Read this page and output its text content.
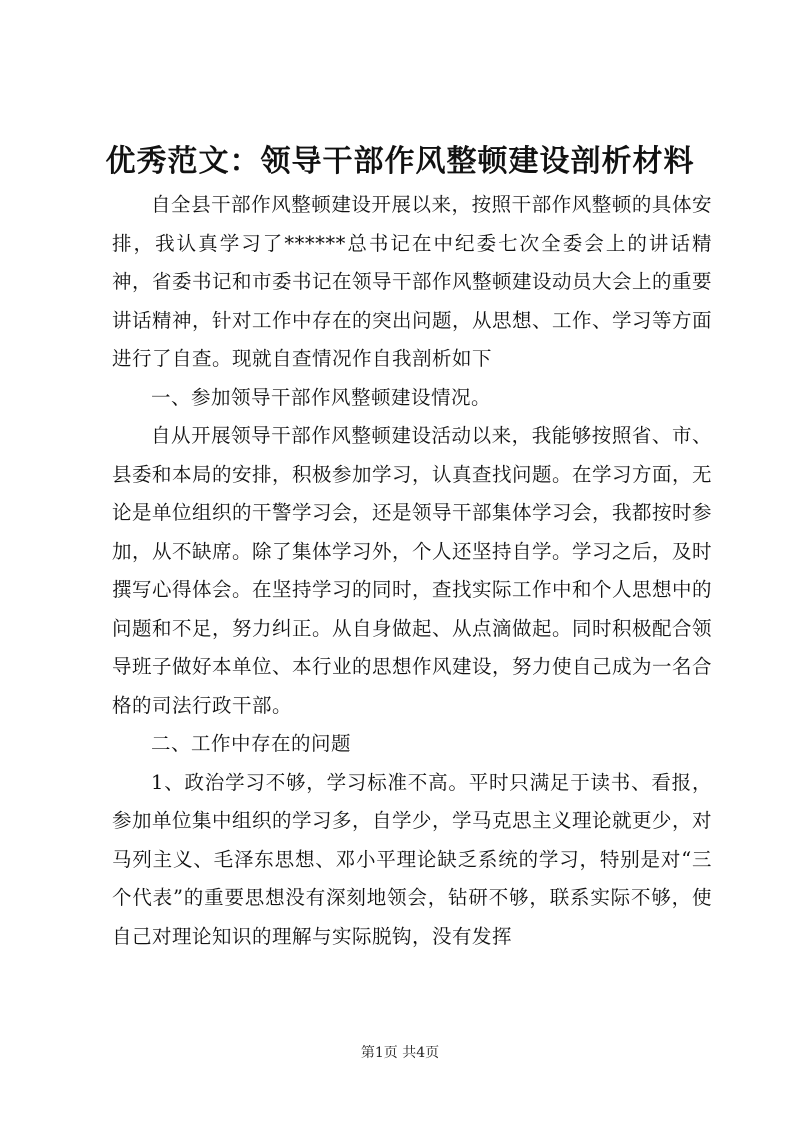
优秀范文：领导干部作风整顿建设剖析材料

自全县干部作风整顿建设开展以来，按照干部作风整顿的具体安排，我认真学习了******总书记在中纪委七次全委会上的讲话精神，省委书记和市委书记在领导干部作风整顿建设动员大会上的重要讲话精神，针对工作中存在的突出问题，从思想、工作、学习等方面进行了自查。现就自查情况作自我剖析如下

一、参加领导干部作风整顿建设情况。

自从开展领导干部作风整顿建设活动以来，我能够按照省、市、县委和本局的安排，积极参加学习，认真查找问题。在学习方面，无论是单位组织的干警学习会，还是领导干部集体学习会，我都按时参加，从不缺席。除了集体学习外，个人还坚持自学。学习之后，及时撰写心得体会。在坚持学习的同时，查找实际工作中和个人思想中的问题和不足，努力纠正。从自身做起、从点滴做起。同时积极配合领导班子做好本单位、本行业的思想作风建设，努力使自己成为一名合格的司法行政干部。

二、工作中存在的问题

1、政治学习不够，学习标准不高。平时只满足于读书、看报，参加单位集中组织的学习多，自学少，学马克思主义理论就更少，对马列主义、毛泽东思想、邓小平理论缺乏系统的学习，特别是对“三个代表”的重要思想没有深刻地领会，钻研不够，联系实际不够，使自己对理论知识的理解与实际脱钩，没有发挥

第1页 共4页
